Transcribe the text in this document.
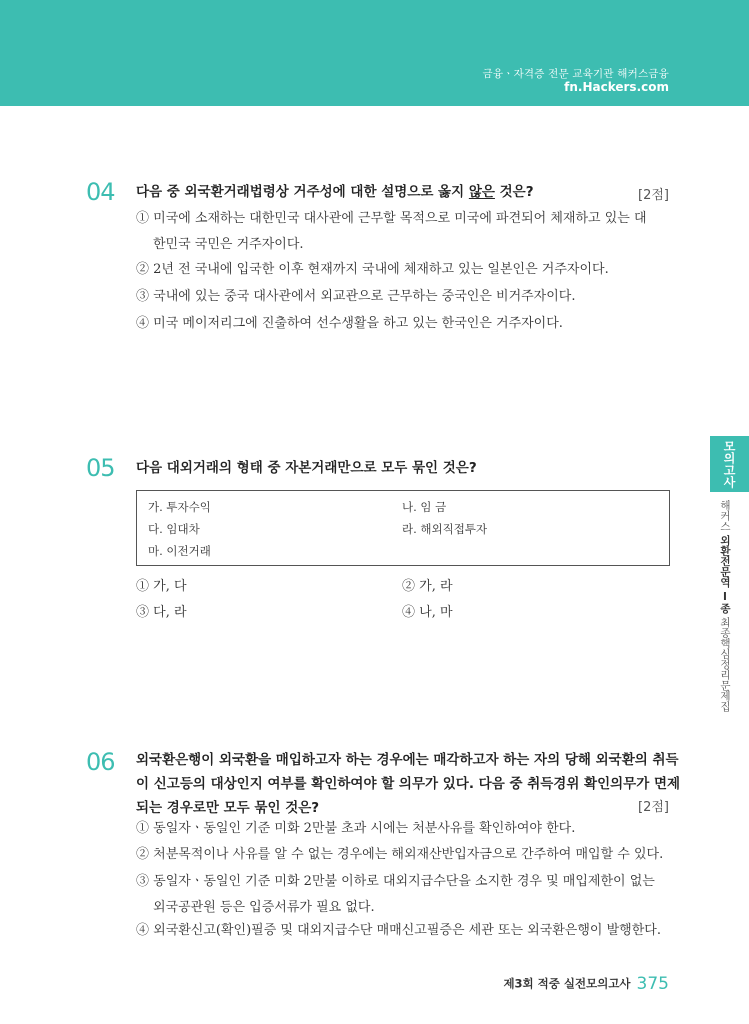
금융ㆍ자격증 전문 교육기관 해커스금융
fn.Hackers.com
04 다음 중 외국환거래법령상 거주성에 대한 설명으로 옳지 않은 것은?	[2점]
① 미국에 소재하는 대한민국 대사관에 근무할 목적으로 미국에 파견되어 체재하고 있는 대
한민국 국민은 거주자이다.
② 2년 전 국내에 입국한 이후 현재까지 국내에 체재하고 있는 일본인은 거주자이다.
③ 국내에 있는 중국 대사관에서 외교관으로 근무하는 중국인은 비거주자이다.
④ 미국 메이저리그에 진출하여 선수생활을 하고 있는 한국인은 거주자이다.
05 다음 대외거래의 형태 중 자본거래만으로 모두 묶인 것은?
가. 투자수익	나. 임 금
다. 임대차	라. 해외직접투자
마. 이전거래
① 가, 다	② 가, 라
③ 다, 라	④ 나, 마
06 외국환은행이 외국환을 매입하고자 하는 경우에는 매각하고자 하는 자의 당해 외국환의 취득
이 신고등의 대상인지 여부를 확인하여야 할 의무가 있다. 다음 중 취득경위 확인의무가 면제
되는 경우로만 모두 묶인 것은?	[2점]
① 동일자ㆍ동일인 기준 미화 2만불 초과 시에는 처분사유를 확인하여야 한다.
② 처분목적이나 사유를 알 수 없는 경우에는 해외재산반입자금으로 간주하여 매입할 수 있다.
③ 동일자ㆍ동일인 기준 미화 2만불 이하로 대외지급수단을 소지한 경우 및 매입제한이 없는
외국공관원 등은 입증서류가 필요 없다.
④ 외국환신고(확인)필증 및 대외지급수단 매매신고필증은 세관 또는 외국환은행이 발행한다.
모의고사
해커스 외환전문역 Ⅰ종 최종핵심정리문제집
제3회 적중 실전모의고사 375
